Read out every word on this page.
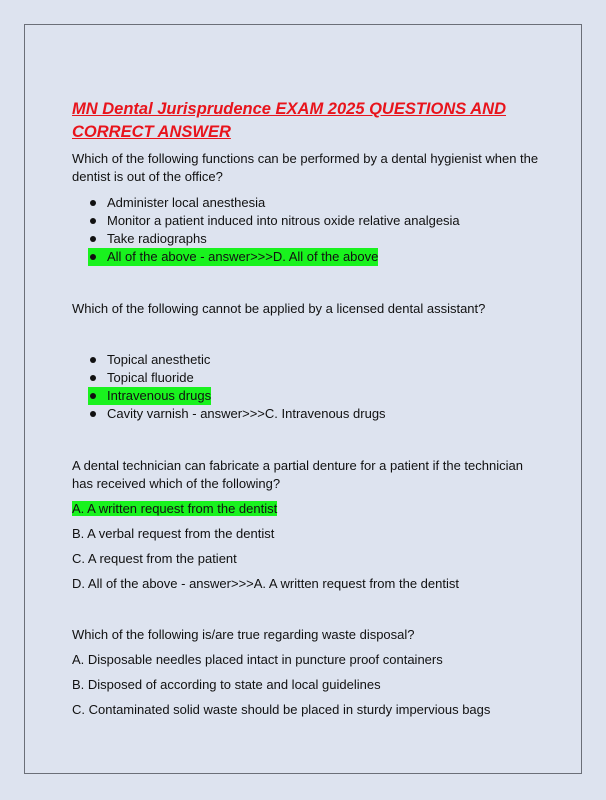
MN Dental Jurisprudence EXAM 2025 QUESTIONS AND
CORRECT ANSWER

Which of the following functions can be performed by a dental hygienist when the dentist is out of the office?

Administer local anesthesia
Monitor a patient induced into nitrous oxide relative analgesia
Take radiographs
All of the above - answer>>>D. All of the above

Which of the following cannot be applied by a licensed dental assistant?

Topical anesthetic
Topical fluoride
Intravenous drugs
Cavity varnish - answer>>>C. Intravenous drugs

A dental technician can fabricate a partial denture for a patient if the technician has received which of the following?

A. A written request from the dentist

B. A verbal request from the dentist

C. A request from the patient

D. All of the above - answer>>>A. A written request from the dentist

Which of the following is/are true regarding waste disposal?

A. Disposable needles placed intact in puncture proof containers

B. Disposed of according to state and local guidelines

C. Contaminated solid waste should be placed in sturdy impervious bags
